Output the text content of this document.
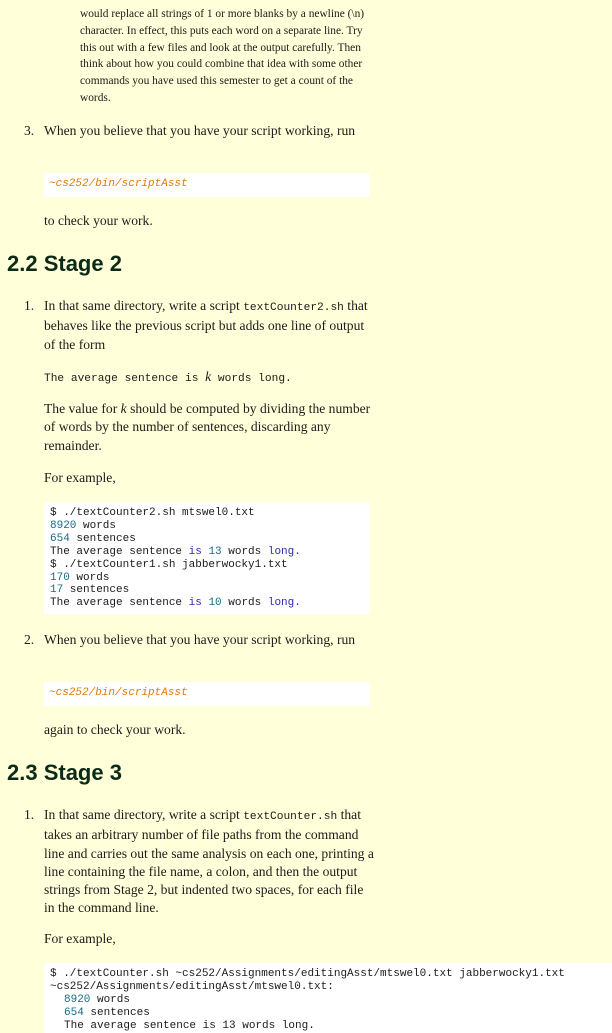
would replace all strings of 1 or more blanks by a newline (\n) character. In effect, this puts each word on a separate line. Try this out with a few files and look at the output carefully. Then think about how you could combine that idea with some other commands you have used this semester to get a count of the words.
3. When you believe that you have your script working, run
~cs252/bin/scriptAsst
to check your work.
2.2 Stage 2
1. In that same directory, write a script textCounter2.sh that behaves like the previous script but adds one line of output of the form
The average sentence is k words long.
The value for k should be computed by dividing the number of words by the number of sentences, discarding any remainder.
For example,
$ ./textCounter2.sh mtswel0.txt
8920 words
654 sentences
The average sentence is 13 words long.
$ ./textCounter1.sh jabberwocky1.txt
170 words
17 sentences
The average sentence is 10 words long.
2. When you believe that you have your script working, run
~cs252/bin/scriptAsst
again to check your work.
2.3 Stage 3
1. In that same directory, write a script textCounter.sh that takes an arbitrary number of file paths from the command line and carries out the same analysis on each one, printing a line containing the file name, a colon, and then the output strings from Stage 2, but indented two spaces, for each file in the command line.
For example,
$ ./textCounter.sh ~cs252/Assignments/editingAsst/mtswel0.txt jabberwocky1.txt
~cs252/Assignments/editingAsst/mtswel0.txt:
8920 words
654 sentences
The average sentence is 13 words long.
